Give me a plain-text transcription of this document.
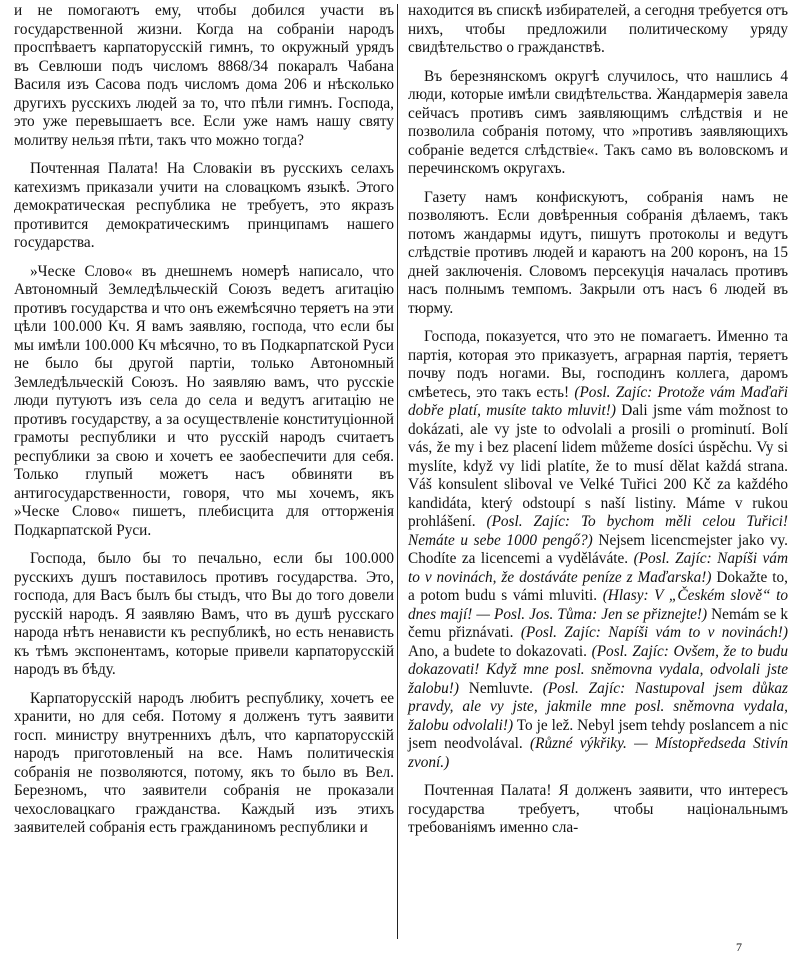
и не помогаютъ ему, чтобы добился участи въ государственной жизни. Когда на собраніи народъ проспѣваетъ карпаторусскій гимнъ, то окружный урядъ въ Севлюши подъ числомъ 8868/34 покаралъ Чабана Василя изъ Сасова подъ числомъ дома 206 и нѣсколько другихъ русскихъ людей за то, что пѣли гимнъ. Господа, это уже перевышаетъ все. Если уже намъ нашу святу молитву нельзя пѣти, такъ что можно тогда?

Почтенная Палата! На Словакіи въ русскихъ селахъ катехизмъ приказали учити на словацкомъ языкѣ. Этого демократическая республика не требуетъ, это якразъ противится демократическимъ принципамъ нашего государства.

»Ческе Слово« въ днешнемъ номерѣ написало, что Автономный Земледѣльческій Союзъ ведетъ агитацію противъ государства и что онъ ежемѣсячно теряетъ на эти цѣли 100.000 Кч. Я вамъ заявляю, господа, что если бы мы имѣли 100.000 Кч мѣсячно, то въ Подкарпатской Руси не было бы другой партіи, только Автономный Земледѣльческій Союзъ. Но заявляю вамъ, что русскіе люди путуютъ изъ села до села и ведутъ агитацію не противъ государству, а за осуществленіе конституціонной грамоты республики и что русскій народъ считаетъ республики за свою и хочетъ ее заобеспечити для себя. Только глупый можетъ насъ обвиняти въ антигосударственности, говоря, что мы хочемъ, якъ »Ческе Слово« пишетъ, плебисцита для отторженія Подкарпатской Руси.

Господа, было бы то печально, если бы 100.000 русскихъ душъ поставилось противъ государства. Это, господа, для Васъ былъ бы стыдъ, что Вы до того довели русскій народъ. Я заявляю Вамъ, что въ душѣ русскаго народа нѣтъ ненависти къ республикѣ, но есть ненависть къ тѣмъ экспонентамъ, которые привели карпаторусскій народъ въ бѣду.

Карпаторусскій народъ любитъ республику, хочетъ ее хранити, но для себя. Потому я долженъ тутъ заявити госп. министру внутреннихъ дѣлъ, что карпаторусскій народъ приготовленый на все. Намъ политическія собранія не позволяются, потому, якъ то было въ Вел. Березномъ, что заявители собранія не проказали чехословацкаго гражданства. Каждый изъ этихъ заявителей собранія есть гражданиномъ республики и

находится въ спискѣ избирателей, а сегодня требуется отъ нихъ, чтобы предложили политическому уряду свидѣтельство о гражданствѣ.

Въ березнянскомъ округѣ случилось, что нашлись 4 люди, которые имѣли свидѣтельства. Жандармерія завела сейчасъ противъ симъ заявляющимъ слѣдствія и не позволила собранія потому, что »противъ заявляющихъ собраніе ведется слѣдствіе«. Такъ само въ воловскомъ и перечинскомъ округахъ.

Газету намъ конфискуютъ, собранія намъ не позволяютъ. Если довѣренныя собранія дѣлаемъ, такъ потомъ жандармы идутъ, пишутъ протоколы и ведутъ слѣдствіе противъ людей и караютъ на 200 коронъ, на 15 дней заключенія. Словомъ персекуція началась противъ насъ полнымъ темпомъ. Закрыли отъ насъ 6 людей въ тюрму.

Господа, показуется, что это не помагаетъ. Именно та партія, которая это приказуетъ, аграрная партія, теряетъ почву подъ ногами. Вы, господинъ коллега, даромъ смѣетесь, это такъ есть! (Posl. Zajíc: Protože vám Maďaři dobře platí, musíte takto mluvit!) Dali jsme vám možnost to dokázati, ale vy jste to odvolali a prosili o prominutí. Bolí vás, že my i bez placení lidem můžeme dosíci úspěchu. Vy si myslíte, když vy lidi platíte, že to musí dělat každá strana. Váš konsulent sliboval ve Velké Tuřici 200 Kč za každého kandidáta, který odstoupí s naší listiny. Máme v rukou prohlášení. (Posl. Zajíc: To bychom měli celou Tuřici! Nemáte u sebe 1000 pengő?) Nejsem licencmejster jako vy. Chodíte za licencemi a vyděláváte. (Posl. Zajíc: Napíši vám to v novinách, že dostáváte peníze z Maďarska!) Dokažte to, a potom budu s vámi mluviti. (Hlasy: V „Českém slově“ to dnes mají! — Posl. Jos. Tůma: Jen se přiznejte!) Nemám se k čemu přiznávati. (Posl. Zajíc: Napíši vám to v novinách!) Ano, a budete to dokazovati. (Posl. Zajíc: Ovšem, že to budu dokazovati! Když mne posl. sněmovna vydala, odvolali jste žalobu!) Nemluvte. (Posl. Zajíc: Nastupoval jsem důkaz pravdy, ale vy jste, jakmile mne posl. sněmovna vydala, žalobu odvolali!) To je lež. Nebyl jsem tehdy poslancem a nic jsem neodvolával. (Různé výkřiky. — Místopředseda Stivín zvoní.)

Почтенная Палата! Я долженъ заявити, что интересъ государства требуетъ, чтобы національнымъ требованіямъ именно сла-

7
